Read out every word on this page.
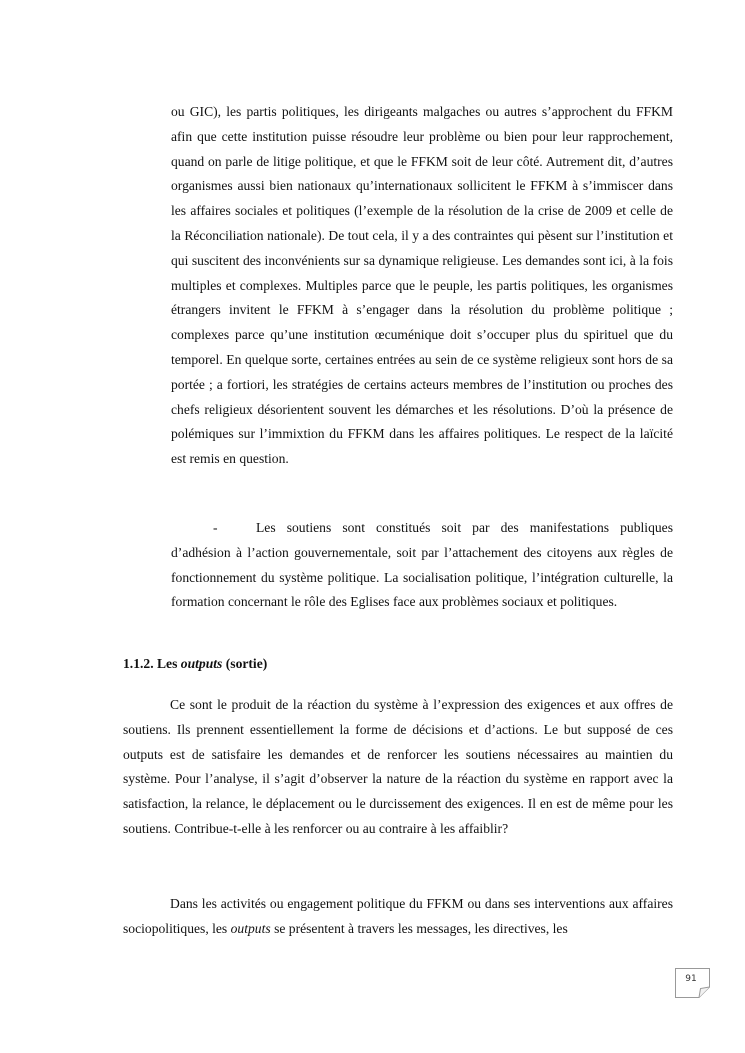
ou GIC), les partis politiques, les dirigeants malgaches ou autres s’approchent du FFKM afin que cette institution puisse résoudre leur problème ou bien pour leur rapprochement, quand on parle de litige politique, et que le FFKM soit de leur côté. Autrement dit, d’autres organismes aussi bien nationaux qu’internationaux sollicitent le FFKM à s’immiscer dans les affaires sociales et politiques (l’exemple de la résolution de la crise de 2009 et celle de la Réconciliation nationale). De tout cela, il y a des contraintes qui pèsent sur l’institution et qui suscitent des inconvénients sur sa dynamique religieuse. Les demandes sont ici, à la fois multiples et complexes. Multiples parce que le peuple, les partis politiques, les organismes étrangers invitent le FFKM à s’engager dans la résolution du problème politique ; complexes parce qu’une institution œcuménique doit s’occuper plus du spirituel que du temporel. En quelque sorte, certaines entrées au sein de ce système religieux sont hors de sa portée ; a fortiori, les stratégies de certains acteurs membres de l’institution ou proches des chefs religieux désorientent souvent les démarches et les résolutions. D’où la présence de polémiques sur l’immixtion du FFKM dans les affaires politiques. Le respect de la laïcité est remis en question.

-	Les soutiens sont constitués soit par des manifestations publiques d’adhésion à l’action gouvernementale, soit par l’attachement des citoyens aux règles de fonctionnement du système politique. La socialisation politique, l’intégration culturelle, la formation concernant le rôle des Eglises face aux problèmes sociaux et politiques.

1.1.2. Les outputs (sortie)

Ce sont le produit de la réaction du système à l’expression des exigences et aux offres de soutiens. Ils prennent essentiellement la forme de décisions et d’actions. Le but supposé de ces outputs est de satisfaire les demandes et de renforcer les soutiens nécessaires au maintien du système. Pour l’analyse, il s’agit d’observer la nature de la réaction du système en rapport avec la satisfaction, la relance, le déplacement ou le durcissement des exigences. Il en est de même pour les soutiens. Contribue-t-elle à les renforcer ou au contraire à les affaiblir?

Dans les activités ou engagement politique du FFKM ou dans ses interventions aux affaires sociopolitiques, les outputs se présentent à travers les messages, les directives, les

91
